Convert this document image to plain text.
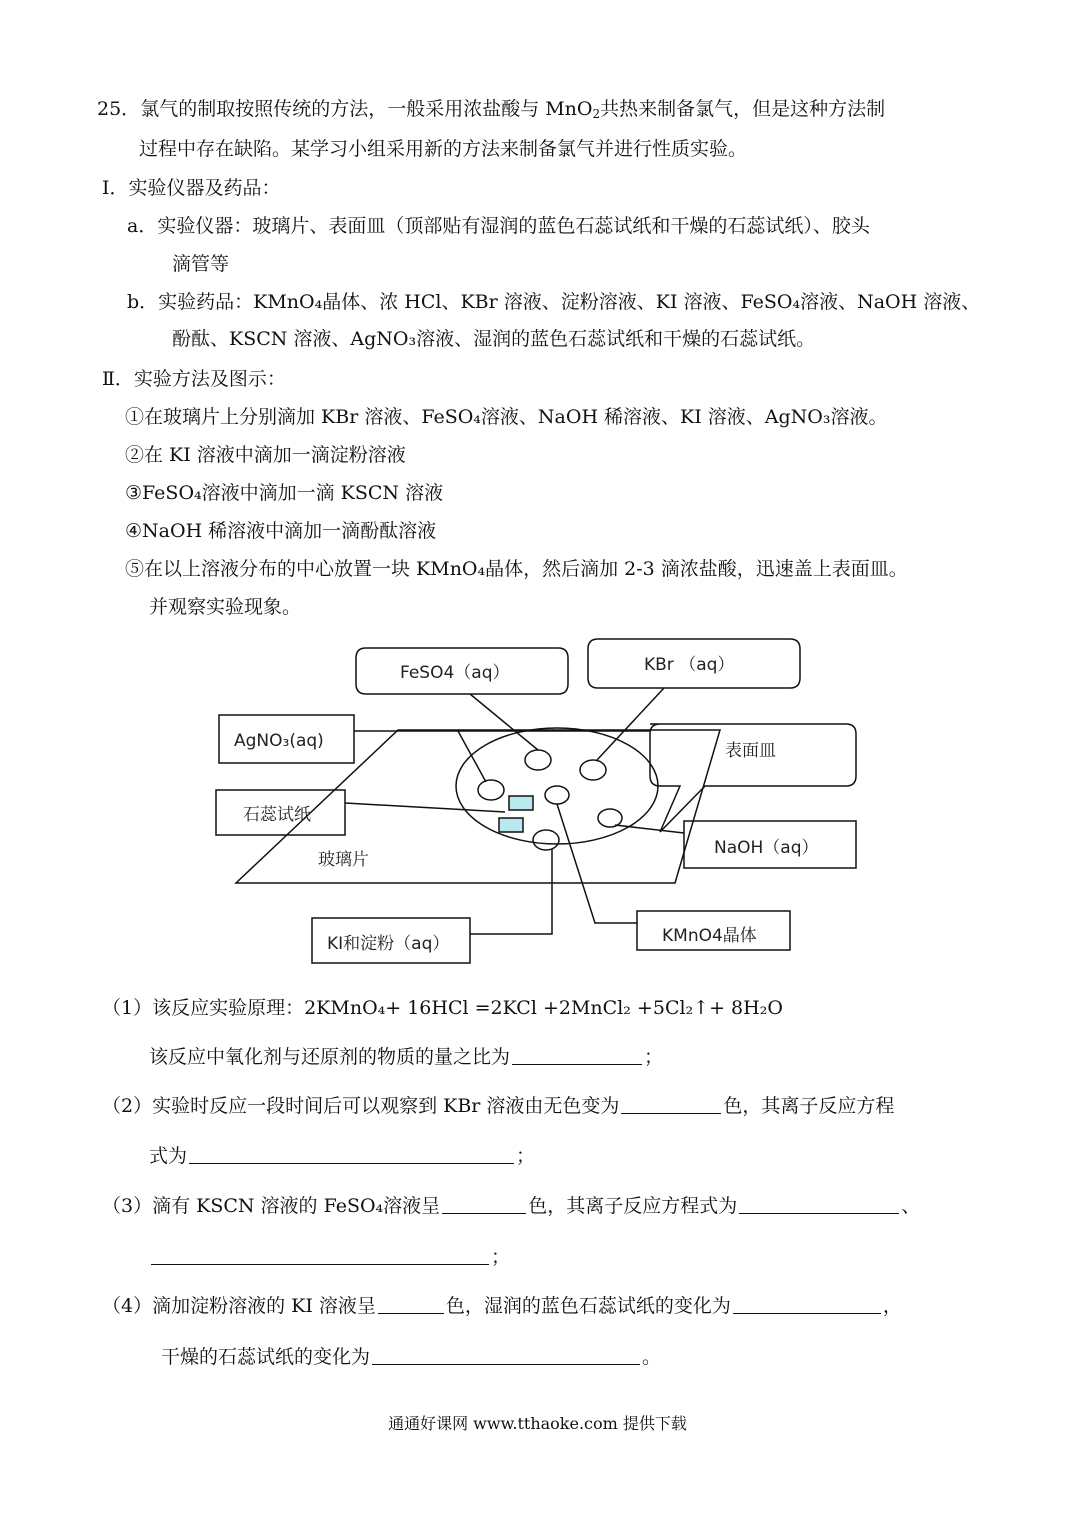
25．氯气的制取按照传统的方法，一般采用浓盐酸与 MnO$_2$共热来制备氯气，但是这种方法制
过程中存在缺陷。某学习小组采用新的方法来制备氯气并进行性质实验。
Ⅰ．实验仪器及药品：
a．实验仪器：玻璃片、表面皿（顶部贴有湿润的蓝色石蕊试纸和干燥的石蕊试纸）、胶头
滴管等
b．实验药品：KMnO₄晶体、浓 HCl、KBr 溶液、淀粉溶液、KI 溶液、FeSO₄溶液、NaOH 溶液、
酚酞、KSCN 溶液、AgNO₃溶液、湿润的蓝色石蕊试纸和干燥的石蕊试纸。
Ⅱ．实验方法及图示：
①在玻璃片上分别滴加 KBr 溶液、FeSO₄溶液、NaOH 稀溶液、KI 溶液、AgNO₃溶液。
②在 KI 溶液中滴加一滴淀粉溶液
③FeSO₄溶液中滴加一滴 KSCN 溶液
④NaOH 稀溶液中滴加一滴酚酞溶液
⑤在以上溶液分布的中心放置一块 KMnO₄晶体，然后滴加 2-3 滴浓盐酸，迅速盖上表面皿。
并观察实验现象。
FeSO4（aq）	KBr （aq）
AgNO₃(aq)	表面皿
石蕊试纸
玻璃片
NaOH（aq）
KI和淀粉（aq）	KMnO4晶体
（1）该反应实验原理：2KMnO₄+ 16HCl =2KCl +2MnCl₂ +5Cl₂↑+ 8H₂O
该反应中氧化剂与还原剂的物质的量之比为	；
（2）实验时反应一段时间后可以观察到 KBr 溶液由无色变为	色，其离子反应方程
式为	；
（3）滴有 KSCN 溶液的 FeSO₄溶液呈	色，其离子反应方程式为	、
；
（4）滴加淀粉溶液的 KI 溶液呈	色，湿润的蓝色石蕊试纸的变化为	，
干燥的石蕊试纸的变化为	。
通通好课网 www.tthaoke.com 提供下载
